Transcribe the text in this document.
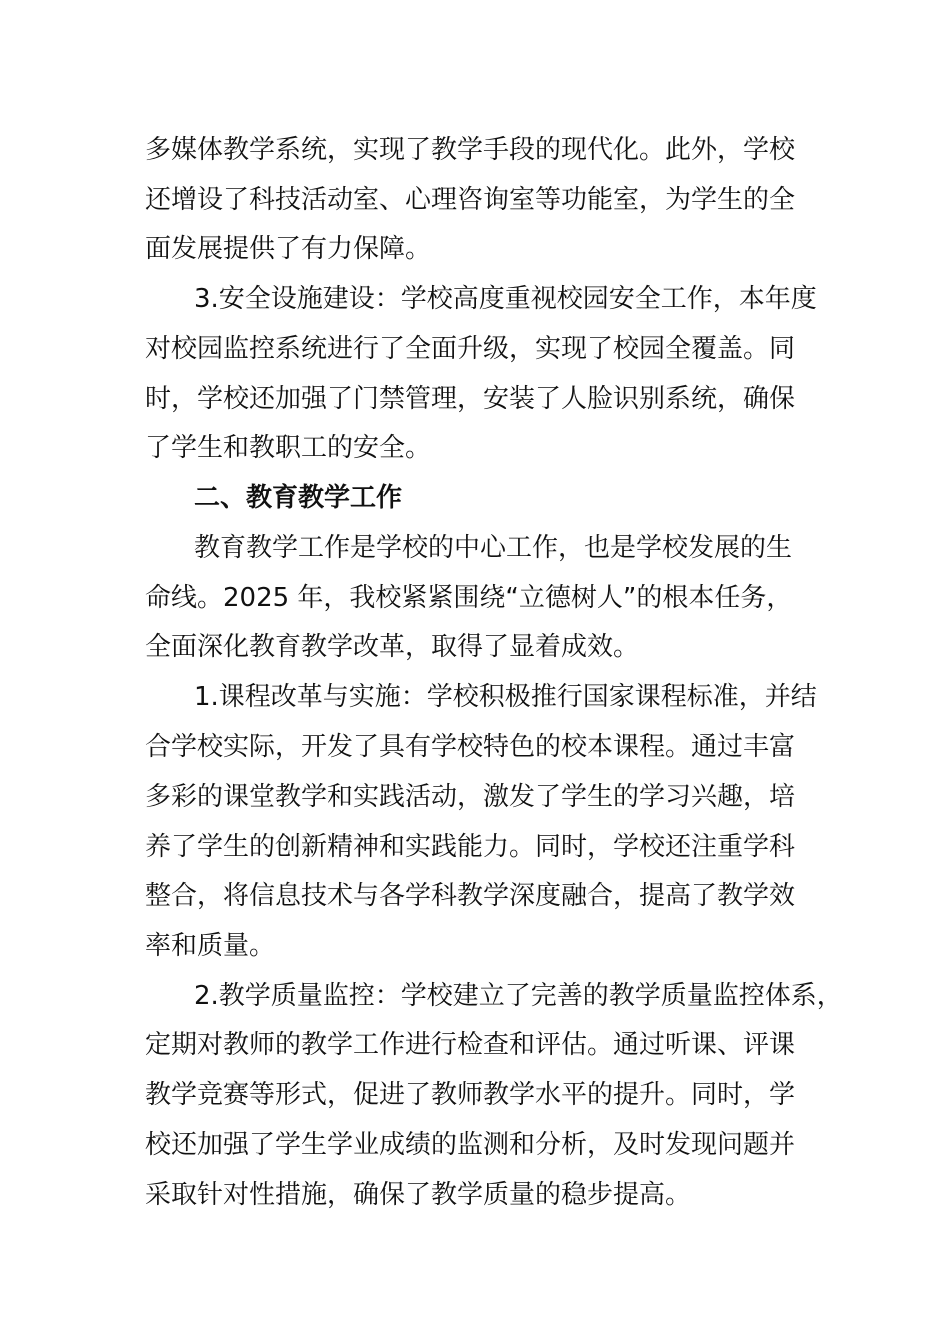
多媒体教学系统，实现了教学手段的现代化。此外，学校
还增设了科技活动室、心理咨询室等功能室，为学生的全
面发展提供了有力保障。
3.安全设施建设：学校高度重视校园安全工作，本年度
对校园监控系统进行了全面升级，实现了校园全覆盖。同
时，学校还加强了门禁管理，安装了人脸识别系统，确保
了学生和教职工的安全。
二、教育教学工作
教育教学工作是学校的中心工作，也是学校发展的生
命线。2025 年，我校紧紧围绕“立德树人”的根本任务，
全面深化教育教学改革，取得了显着成效。
1.课程改革与实施：学校积极推行国家课程标准，并结
合学校实际，开发了具有学校特色的校本课程。通过丰富
多彩的课堂教学和实践活动，激发了学生的学习兴趣，培
养了学生的创新精神和实践能力。同时，学校还注重学科
整合，将信息技术与各学科教学深度融合，提高了教学效
率和质量。
2.教学质量监控：学校建立了完善的教学质量监控体系，
定期对教师的教学工作进行检查和评估。通过听课、评课
教学竞赛等形式，促进了教师教学水平的提升。同时，学
校还加强了学生学业成绩的监测和分析，及时发现问题并
采取针对性措施，确保了教学质量的稳步提高。
